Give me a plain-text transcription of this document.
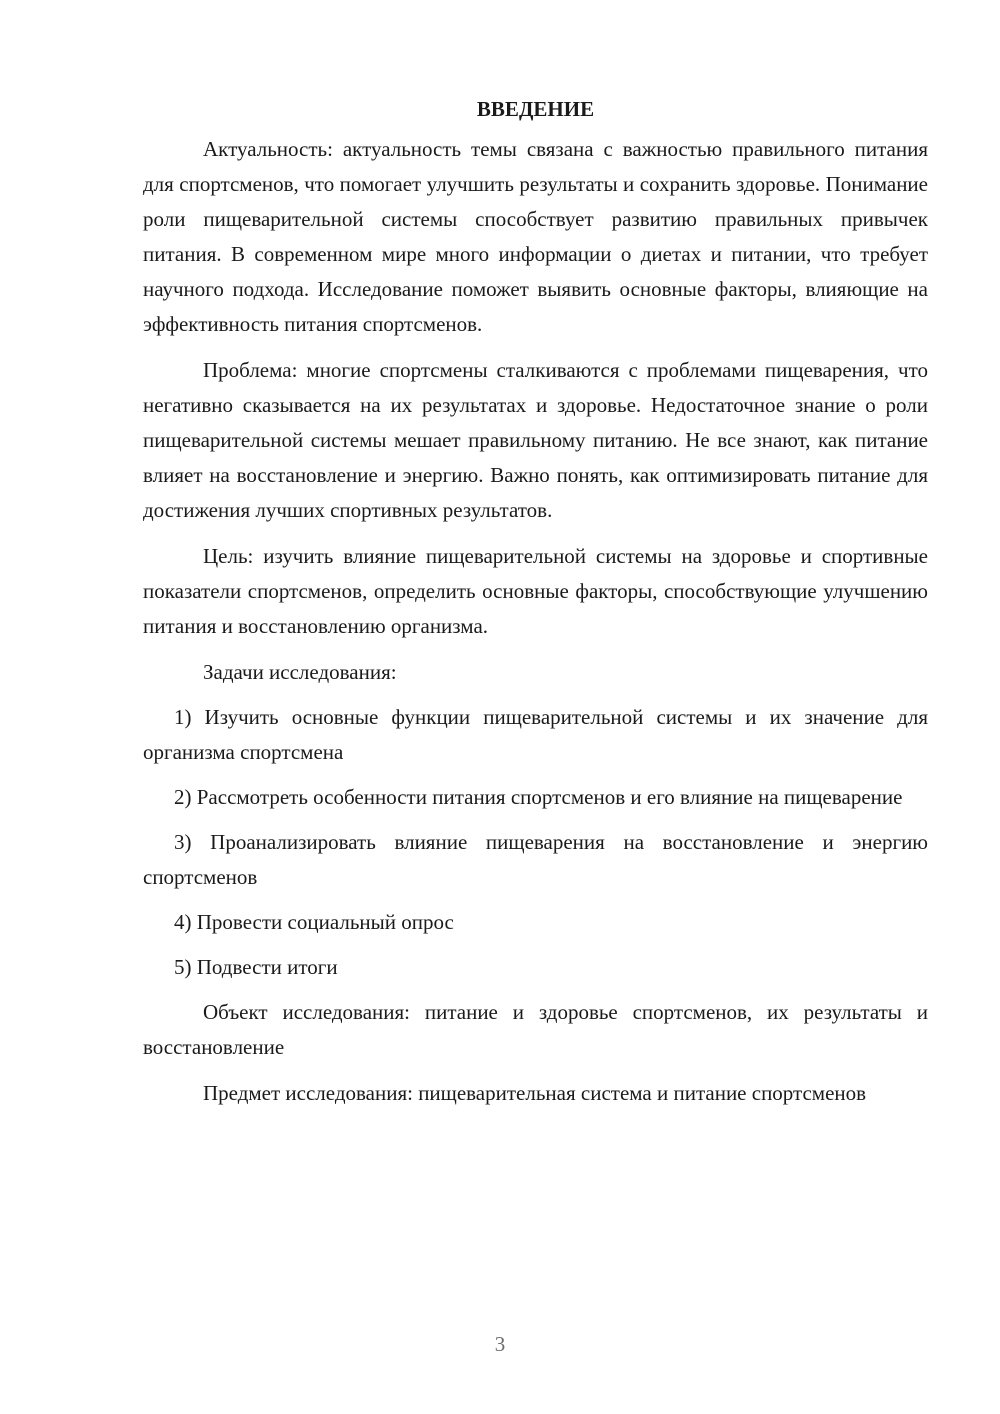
ВВЕДЕНИЕ

Актуальность: актуальность темы связана с важностью правильного питания для спортсменов, что помогает улучшить результаты и сохранить здоровье. Понимание роли пищеварительной системы способствует развитию правильных привычек питания. В современном мире много информации о диетах и питании, что требует научного подхода. Исследование поможет выявить основные факторы, влияющие на эффективность питания спортсменов.

Проблема: многие спортсмены сталкиваются с проблемами пищеварения, что негативно сказывается на их результатах и здоровье. Недостаточное знание о роли пищеварительной системы мешает правильному питанию. Не все знают, как питание влияет на восстановление и энергию. Важно понять, как оптимизировать питание для достижения лучших спортивных результатов.

Цель: изучить влияние пищеварительной системы на здоровье и спортивные показатели спортсменов, определить основные факторы, способствующие улучшению питания и восстановлению организма.

Задачи исследования:

1) Изучить основные функции пищеварительной системы и их значение для организма спортсмена

2) Рассмотреть особенности питания спортсменов и его влияние на пищеварение

3) Проанализировать влияние пищеварения на восстановление и энергию спортсменов

4) Провести социальный опрос

5) Подвести итоги

Объект исследования: питание и здоровье спортсменов, их результаты и восстановление

Предмет исследования: пищеварительная система и питание спортсменов

3
